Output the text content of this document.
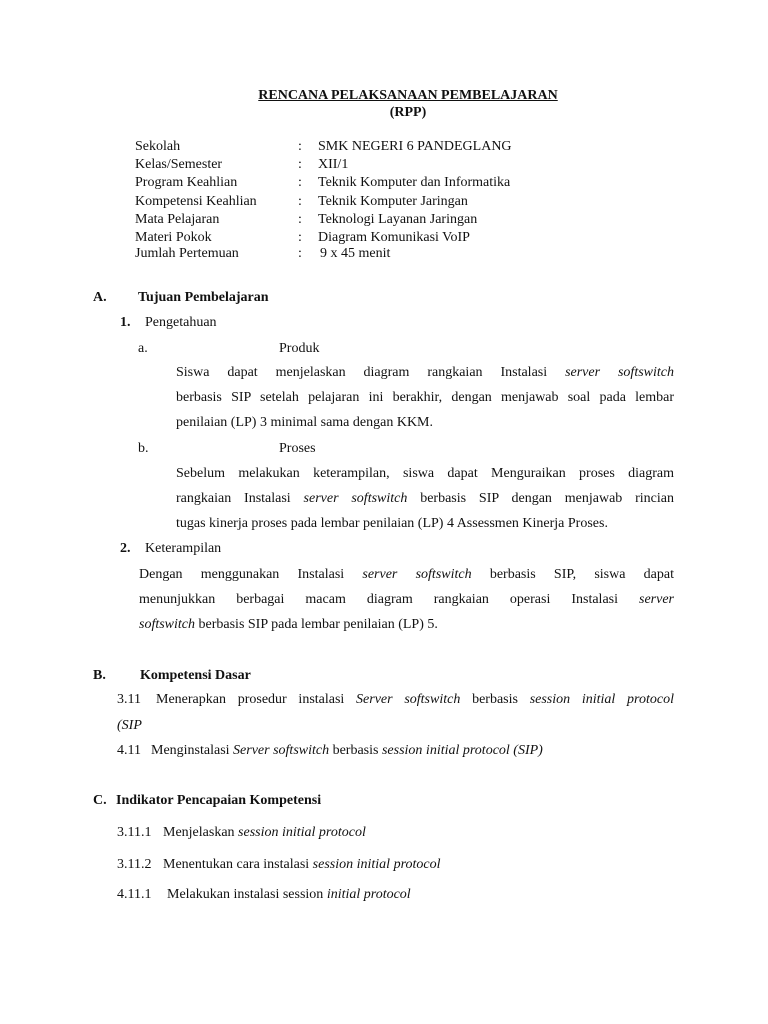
RENCANA PELAKSANAAN PEMBELAJARAN
(RPP)
Sekolah	: SMK NEGERI 6 PANDEGLANG
Kelas/Semester	: XII/1
Program Keahlian	: Teknik Komputer dan Informatika
Kompetensi Keahlian	: Teknik Komputer Jaringan
Mata Pelajaran	: Teknologi Layanan Jaringan
Materi Pokok	: Diagram Komunikasi VoIP
Jumlah Pertemuan	: 9 x 45 menit
A. Tujuan Pembelajaran
1. Pengetahuan
a.	Produk
Siswa dapat menjelaskan diagram rangkaian Instalasi server softswitch
berbasis SIP setelah pelajaran ini berakhir, dengan menjawab soal pada lembar
penilaian (LP) 3 minimal sama dengan KKM.
b.	Proses
Sebelum melakukan keterampilan, siswa dapat Menguraikan proses diagram
rangkaian Instalasi server softswitch berbasis SIP dengan menjawab rincian
tugas kinerja proses pada lembar penilaian (LP) 4 Assessmen Kinerja Proses.
2. Keterampilan
Dengan menggunakan Instalasi server softswitch berbasis SIP, siswa dapat
menunjukkan berbagai macam diagram rangkaian operasi Instalasi server
softswitch berbasis SIP pada lembar penilaian (LP) 5.
B. Kompetensi Dasar
3.11 Menerapkan prosedur instalasi Server softswitch berbasis session initial protocol
(SIP
4.11 Menginstalasi Server softswitch berbasis session initial protocol (SIP)
C. Indikator Pencapaian Kompetensi
3.11.1 Menjelaskan session initial protocol
3.11.2 Menentukan cara instalasi session initial protocol
4.11.1 Melakukan instalasi session initial protocol
